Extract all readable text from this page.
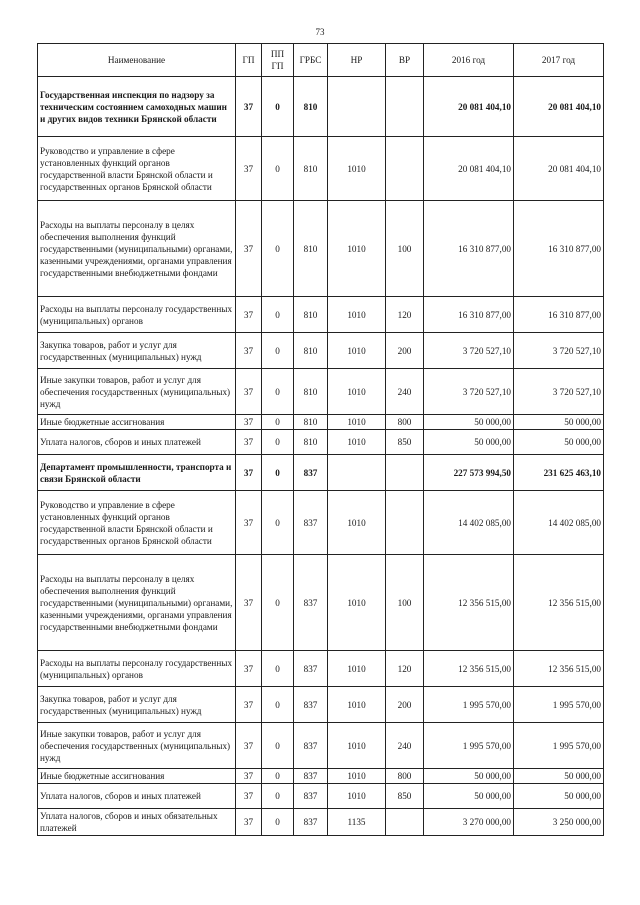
73
Наименование	ГП	ПП ГП	ГРБС	НР	ВР	2016 год	2017 год
Государственная инспекция по надзору за техническим состоянием самоходных машин и других видов техники Брянской области	37	0	810			20 081 404,10	20 081 404,10
Руководство и управление в сфере установленных функций органов государственной власти Брянской области и государственных органов Брянской области	37	0	810	1010		20 081 404,10	20 081 404,10
Расходы на выплаты персоналу в целях обеспечения выполнения функций государственными (муниципальными) органами, казенными учреждениями, органами управления государственными внебюджетными фондами	37	0	810	1010	100	16 310 877,00	16 310 877,00
Расходы на выплаты персоналу государственных (муниципальных) органов	37	0	810	1010	120	16 310 877,00	16 310 877,00
Закупка товаров, работ и услуг для государственных (муниципальных) нужд	37	0	810	1010	200	3 720 527,10	3 720 527,10
Иные закупки товаров, работ и услуг для обеспечения государственных (муниципальных) нужд	37	0	810	1010	240	3 720 527,10	3 720 527,10
Иные бюджетные ассигнования	37	0	810	1010	800	50 000,00	50 000,00
Уплата налогов, сборов и иных платежей	37	0	810	1010	850	50 000,00	50 000,00
Департамент промышленности, транспорта и связи Брянской области	37	0	837			227 573 994,50	231 625 463,10
Руководство и управление в сфере установленных функций органов государственной власти Брянской области и государственных органов Брянской области	37	0	837	1010		14 402 085,00	14 402 085,00
Расходы на выплаты персоналу в целях обеспечения выполнения функций государственными (муниципальными) органами, казенными учреждениями, органами управления государственными внебюджетными фондами	37	0	837	1010	100	12 356 515,00	12 356 515,00
Расходы на выплаты персоналу государственных (муниципальных) органов	37	0	837	1010	120	12 356 515,00	12 356 515,00
Закупка товаров, работ и услуг для государственных (муниципальных) нужд	37	0	837	1010	200	1 995 570,00	1 995 570,00
Иные закупки товаров, работ и услуг для обеспечения государственных (муниципальных) нужд	37	0	837	1010	240	1 995 570,00	1 995 570,00
Иные бюджетные ассигнования	37	0	837	1010	800	50 000,00	50 000,00
Уплата налогов, сборов и иных платежей	37	0	837	1010	850	50 000,00	50 000,00
Уплата налогов, сборов и иных обязательных платежей	37	0	837	1135		3 270 000,00	3 250 000,00
